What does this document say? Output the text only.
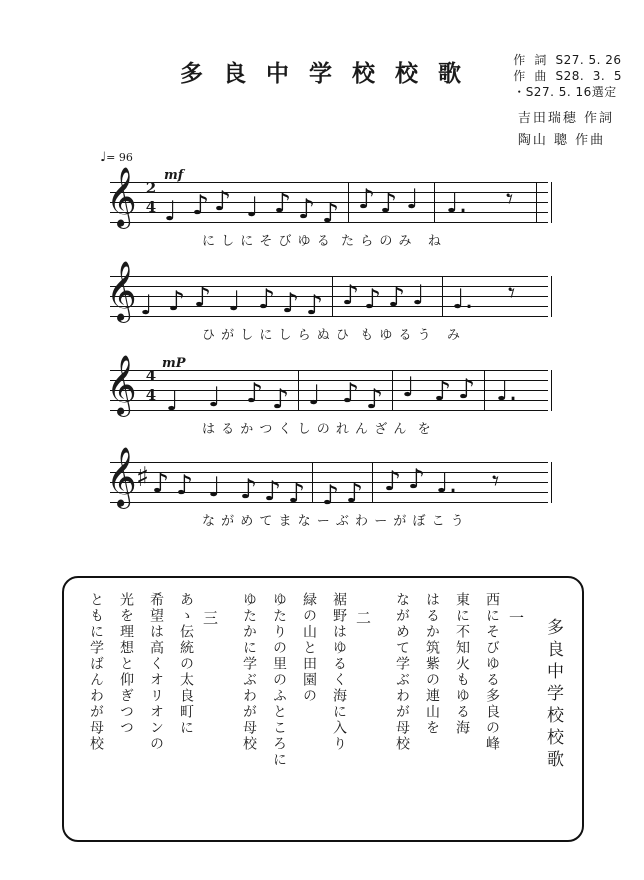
多 良 中 学 校 校 歌	作  詞  S27. 5. 26
作  曲  S28.  3.  5
・S27. 5. 16選定
吉田瑞穂 作詞
陶山 聰 作曲
♩= 96
𝄞 2
4
mf
♩ ♪ ♪ ♩ ♪ ♪ ♪ ♪ ♪ ♩ ♩. 𝄾
に し に そ び ゆ る  た ら の み   ね
𝄞 ♩ ♪ ♪ ♩ ♪ ♪ ♪ ♪ ♪ ♪ ♩ ♩. 𝄾
ひ が し に し ら ぬ ひ  も ゆ る う   み
𝄞 4
4
mP
♩ ♩ ♪ ♪ ♩ ♪ ♪ ♩ ♪ ♪ ♩.
は る か つ く し の れ ん ざ ん  を
𝄞 ♯ ♪ ♪ ♩ ♪ ♪ ♪ ♪ ♪ ♪ ♪ ♩. 𝄾
な が め て ま な ー ぶ わ ー が ぼ こ う
ともに学ばんわが母校 光を理想と仰ぎつつ 希望は高くオリオンの あゝ伝統の太良町に 三 ゆたかに学ぶわが母校 ゆたりの里のふところに 緑の山と田園の 裾野はゆるく海に入り 二 ながめて学ぶわが母校 はるか筑紫の連山を 東に不知火もゆる海 西にそびゆる多良の峰 一
多良中学校校歌
